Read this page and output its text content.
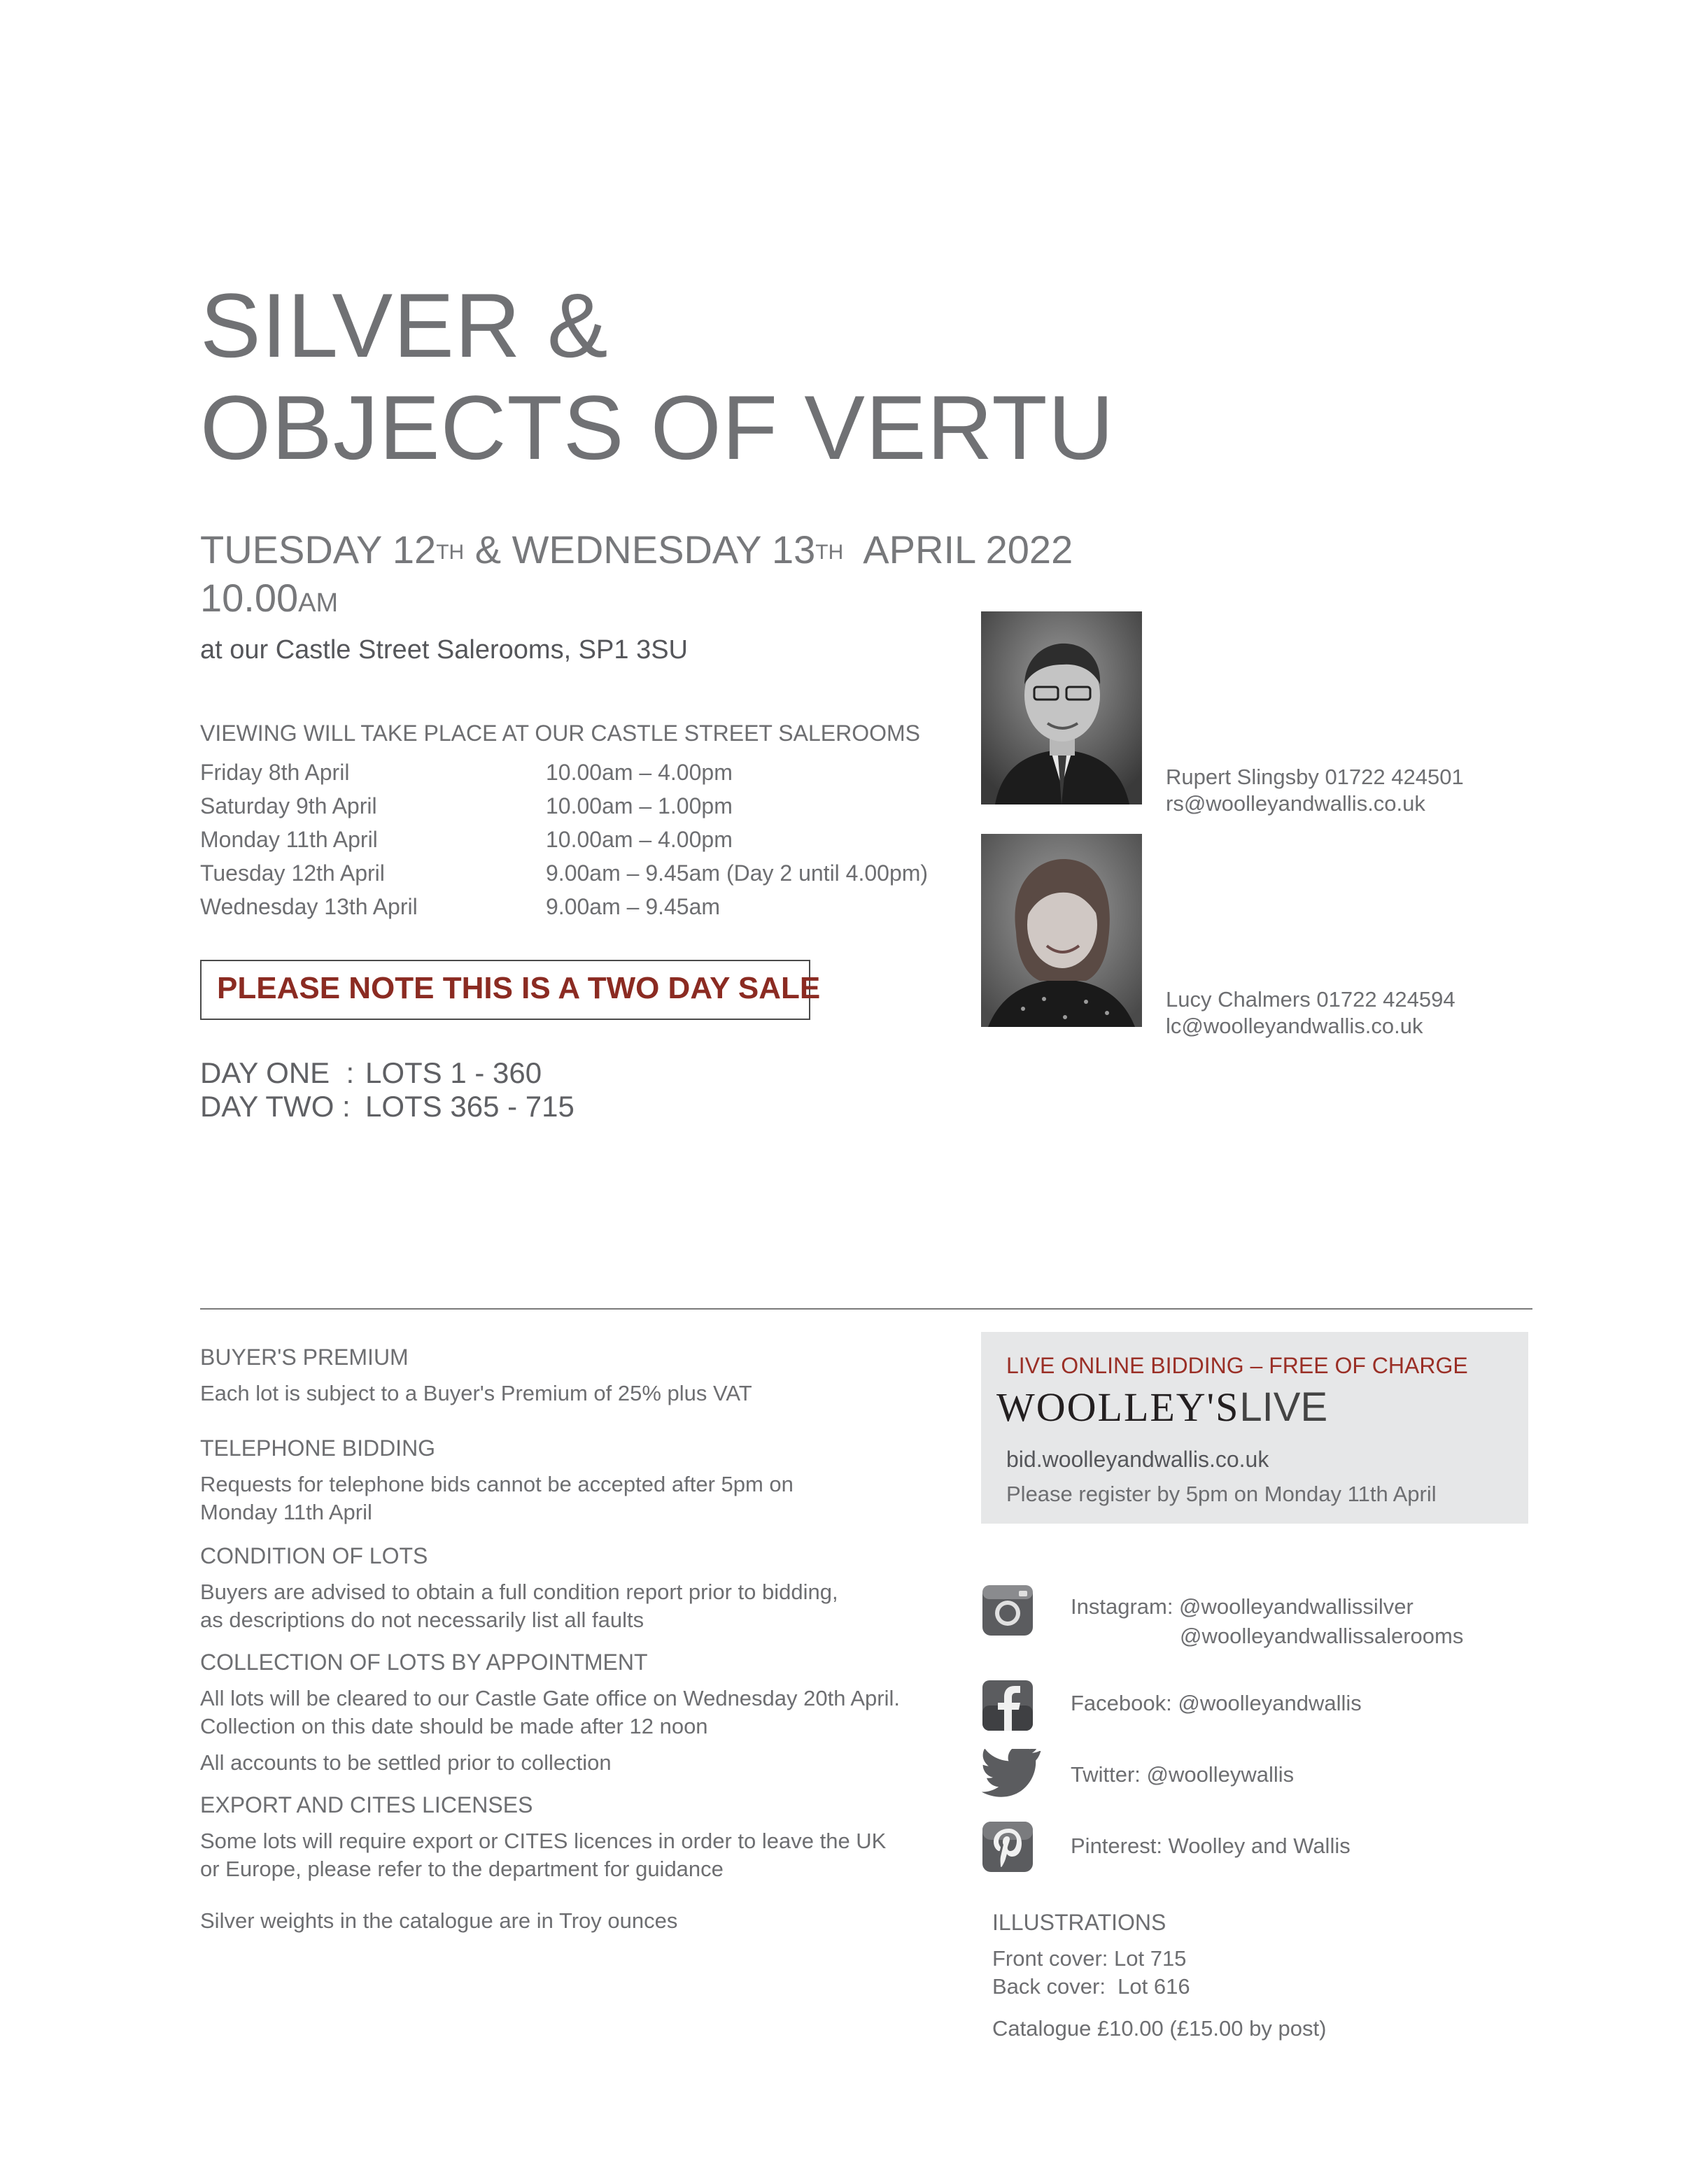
SILVER &
OBJECTS OF VERTU
TUESDAY 12TH & WEDNESDAY 13TH  APRIL 2022
10.00AM
at our Castle Street Salerooms, SP1 3SU
VIEWING WILL TAKE PLACE AT OUR CASTLE STREET SALEROOMS
Friday 8th April	10.00am – 4.00pm
Saturday 9th April	10.00am – 1.00pm
Monday 11th April	10.00am – 4.00pm
Tuesday 12th April	9.00am – 9.45am (Day 2 until 4.00pm)
Wednesday 13th April	9.00am – 9.45am
PLEASE NOTE THIS IS A TWO DAY SALE
DAY ONE  : LOTS 1 - 360
DAY TWO : LOTS 365 - 715
Rupert Slingsby 01722 424501
rs@woolleyandwallis.co.uk
Lucy Chalmers 01722 424594
lc@woolleyandwallis.co.uk
BUYER'S PREMIUM
Each lot is subject to a Buyer's Premium of 25% plus VAT
TELEPHONE BIDDING
Requests for telephone bids cannot be accepted after 5pm on
Monday 11th April
CONDITION OF LOTS
Buyers are advised to obtain a full condition report prior to bidding,
as descriptions do not necessarily list all faults
COLLECTION OF LOTS BY APPOINTMENT
All lots will be cleared to our Castle Gate office on Wednesday 20th April.
Collection on this date should be made after 12 noon
All accounts to be settled prior to collection
EXPORT AND CITES LICENSES
Some lots will require export or CITES licences in order to leave the UK
or Europe, please refer to the department for guidance
Silver weights in the catalogue are in Troy ounces
LIVE ONLINE BIDDING – FREE OF CHARGE
WOOLLEY'SLIVE
bid.woolleyandwallis.co.uk
Please register by 5pm on Monday 11th April
Instagram: @woolleyandwallissilver
@woolleyandwallissalerooms
Facebook: @woolleyandwallis
Twitter: @woolleywallis
Pinterest: Woolley and Wallis
ILLUSTRATIONS
Front cover: Lot 715
Back cover:  Lot 616
Catalogue £10.00 (£15.00 by post)
